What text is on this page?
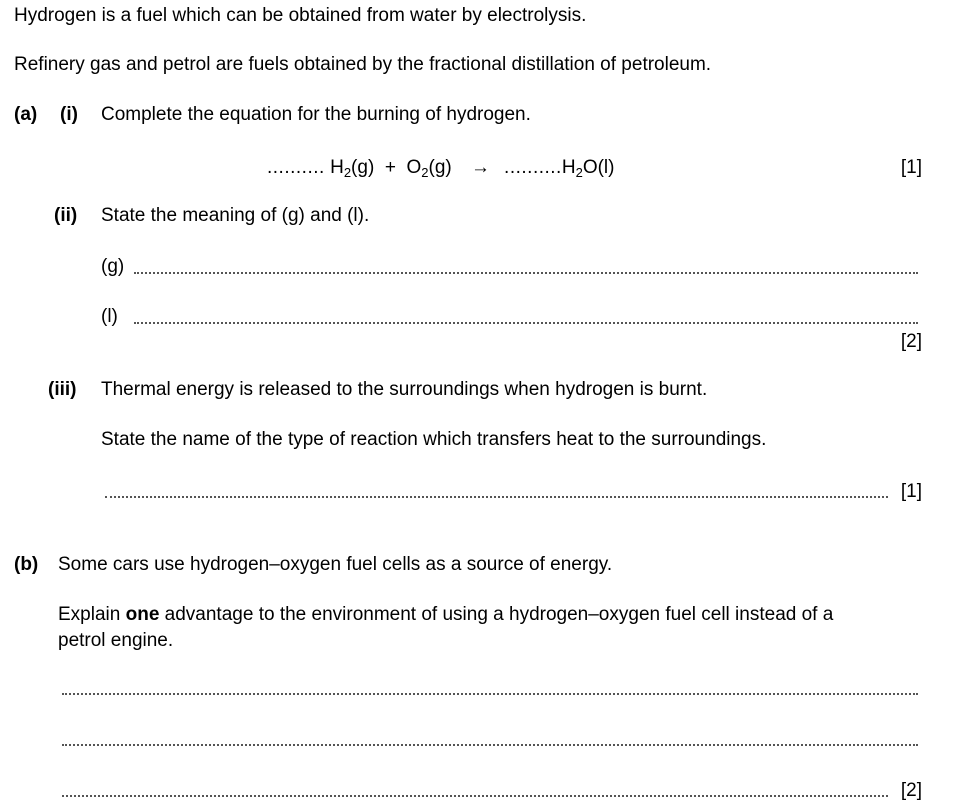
Hydrogen is a fuel which can be obtained from water by electrolysis.
Refinery gas and petrol are fuels obtained by the fractional distillation of petroleum.
(a) (i) Complete the equation for the burning of hydrogen.
.......... $H_2(g) + O_2(g) \to ..........H_2O(l)$	[1]
(ii) State the meaning of (g) and (l).
(g)
(l)
[2]
(iii) Thermal energy is released to the surroundings when hydrogen is burnt.
State the name of the type of reaction which transfers heat to the surroundings.
[1]
(b) Some cars use hydrogen–oxygen fuel cells as a source of energy.
Explain one advantage to the environment of using a hydrogen–oxygen fuel cell instead of a
petrol engine.
[2]
